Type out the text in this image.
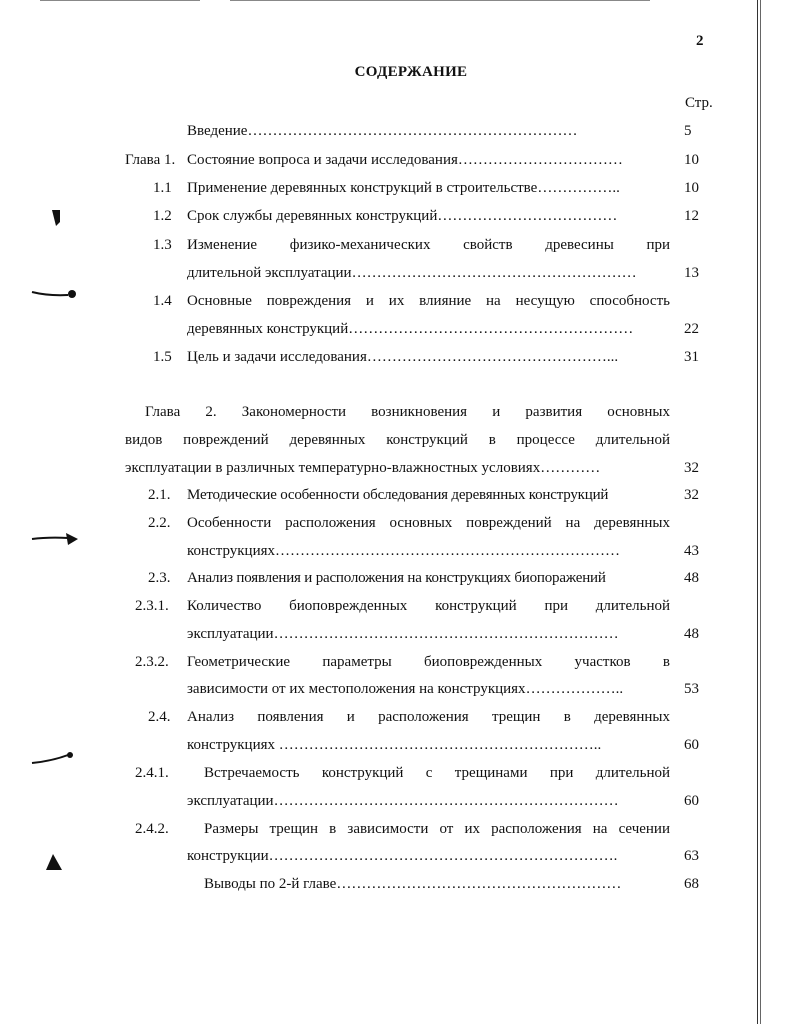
2
СОДЕРЖАНИЕ
Стр.
Введение…………………………………………………………	5
Глава 1. Состояние вопроса и задачи исследования……………………………	10
1.1 Применение деревянных конструкций в строительстве……………..	10
1.2 Срок службы деревянных конструкций………………………………	12
1.3 Изменение физико-механических свойств древесины при
длительной эксплуатации…………………………………………………	13
1.4 Основные повреждения и их влияние на несущую способность
деревянных конструкций…………………………………………………	22
1.5 Цель и задачи исследования…………………………………………...	31
Глава 2. Закономерности возникновения и развития основных
видов повреждений деревянных конструкций в процессе длительной
эксплуатации в различных температурно-влажностных условиях…………	32
2.1. Методические особенности обследования деревянных конструкций	32
2.2. Особенности расположения основных повреждений на деревянных
конструкциях……………………………………………………………	43
2.3. Анализ появления и расположения на конструкциях биопоражений	48
2.3.1. Количество биоповрежденных конструкций при длительной
эксплуатации……………………………………………………………	48
2.3.2. Геометрические параметры биоповрежденных участков в
зависимости от их местоположения на конструкциях………………..	53
2.4. Анализ появления и расположения трещин в деревянных
конструкциях ………………………………………………………..	60
2.4.1. Встречаемость конструкций с трещинами при длительной
эксплуатации……………………………………………………………	60
2.4.2. Размеры трещин в зависимости от их расположения на сечении
конструкции…………………………………………………………….	63
Выводы по 2-й главе…………………………………………………	68
